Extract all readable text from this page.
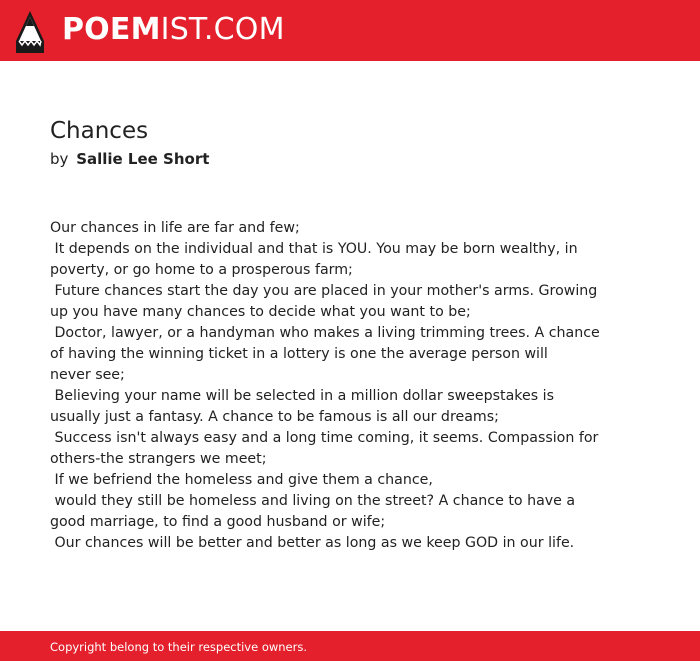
POEMIST.COM
Chances
by Sallie Lee Short
Our chances in life are far and few;
It depends on the individual and that is YOU. You may be born wealthy, in
poverty, or go home to a prosperous farm;
Future chances start the day you are placed in your mother's arms. Growing
up you have many chances to decide what you want to be;
Doctor, lawyer, or a handyman who makes a living trimming trees. A chance
of having the winning ticket in a lottery is one the average person will
never see;
Believing your name will be selected in a million dollar sweepstakes is
usually just a fantasy. A chance to be famous is all our dreams;
Success isn't always easy and a long time coming, it seems. Compassion for
others-the strangers we meet;
If we befriend the homeless and give them a chance,
would they still be homeless and living on the street? A chance to have a
good marriage, to find a good husband or wife;
Our chances will be better and better as long as we keep GOD in our life.
Copyright belong to their respective owners.
